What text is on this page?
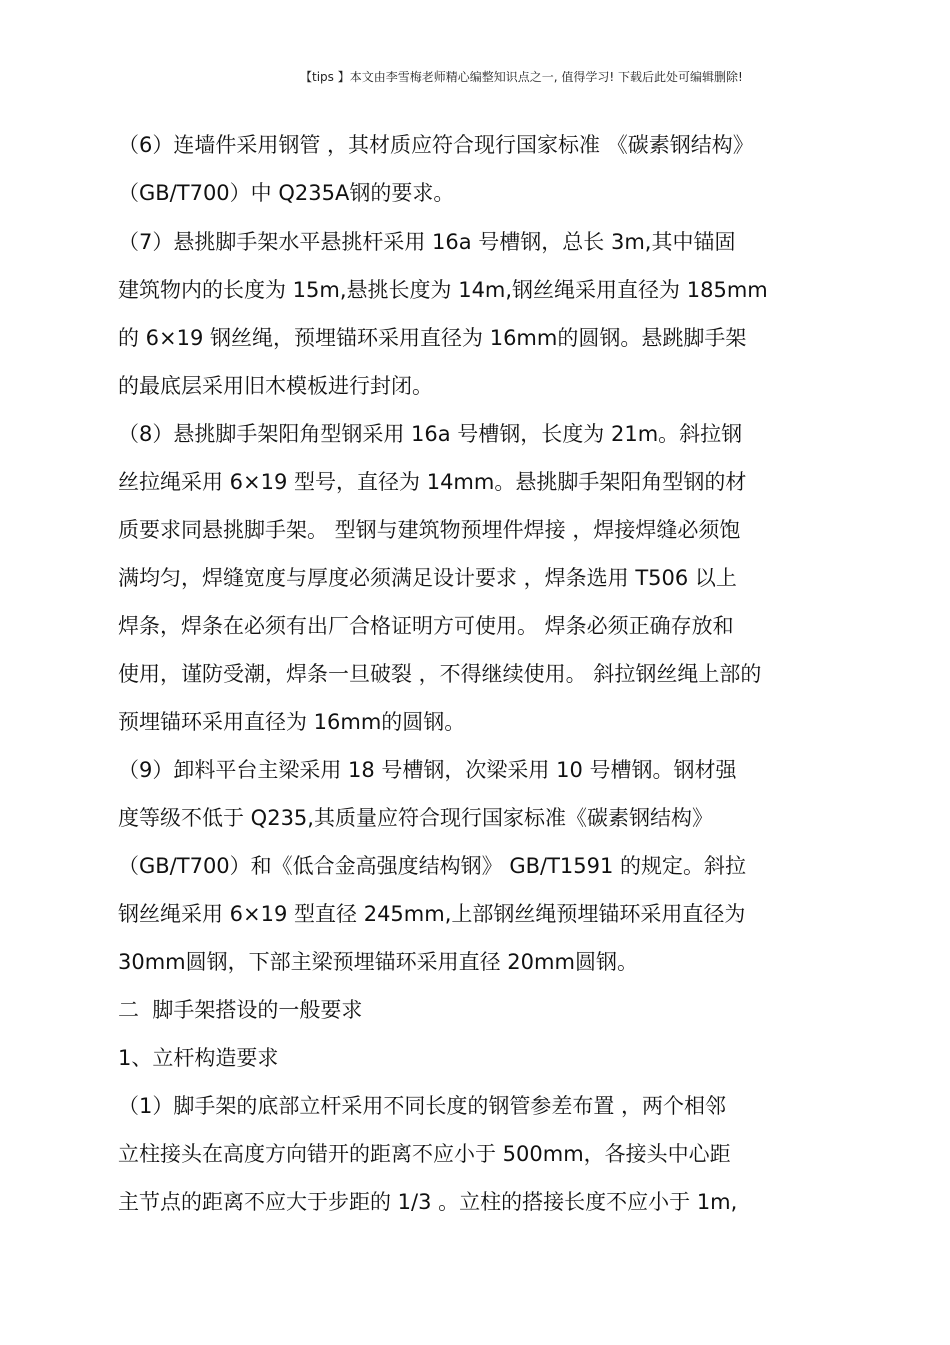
【tips 】本文由李雪梅老师精心编整知识点之一, 值得学习! 下载后此处可编辑删除!
（6）连墙件采用钢管 ，其材质应符合现行国家标准 《碳素钢结构》
（GB/T700）中 Q235A钢的要求。
（7）悬挑脚手架水平悬挑杆采用 16a 号槽钢，总长 3m,其中锚固
建筑物内的长度为 15m,悬挑长度为 14m,钢丝绳采用直径为 185mm
的 6×19 钢丝绳，预埋锚环采用直径为 16mm的圆钢。悬跳脚手架
的最底层采用旧木模板进行封闭。
（8）悬挑脚手架阳角型钢采用 16a 号槽钢，长度为 21m。斜拉钢
丝拉绳采用 6×19 型号，直径为 14mm。悬挑脚手架阳角型钢的材
质要求同悬挑脚手架。 型钢与建筑物预埋件焊接 ，焊接焊缝必须饱
满均匀，焊缝宽度与厚度必须满足设计要求 ，焊条选用 T506 以上
焊条，焊条在必须有出厂合格证明方可使用。 焊条必须正确存放和
使用，谨防受潮，焊条一旦破裂 ，不得继续使用。 斜拉钢丝绳上部的
预埋锚环采用直径为 16mm的圆钢。
（9）卸料平台主梁采用 18 号槽钢，次梁采用 10 号槽钢。钢材强
度等级不低于 Q235,其质量应符合现行国家标准《碳素钢结构》
（GB/T700）和《低合金高强度结构钢》 GB/T1591 的规定。斜拉
钢丝绳采用 6×19 型直径 245mm,上部钢丝绳预埋锚环采用直径为
30mm圆钢，下部主梁预埋锚环采用直径 20mm圆钢。
二  脚手架搭设的一般要求
1、立杆构造要求
（1）脚手架的底部立杆采用不同长度的钢管参差布置 ，两个相邻
立柱接头在高度方向错开的距离不应小于 500mm，各接头中心距
主节点的距离不应大于步距的 1/3 。立柱的搭接长度不应小于 1m,
